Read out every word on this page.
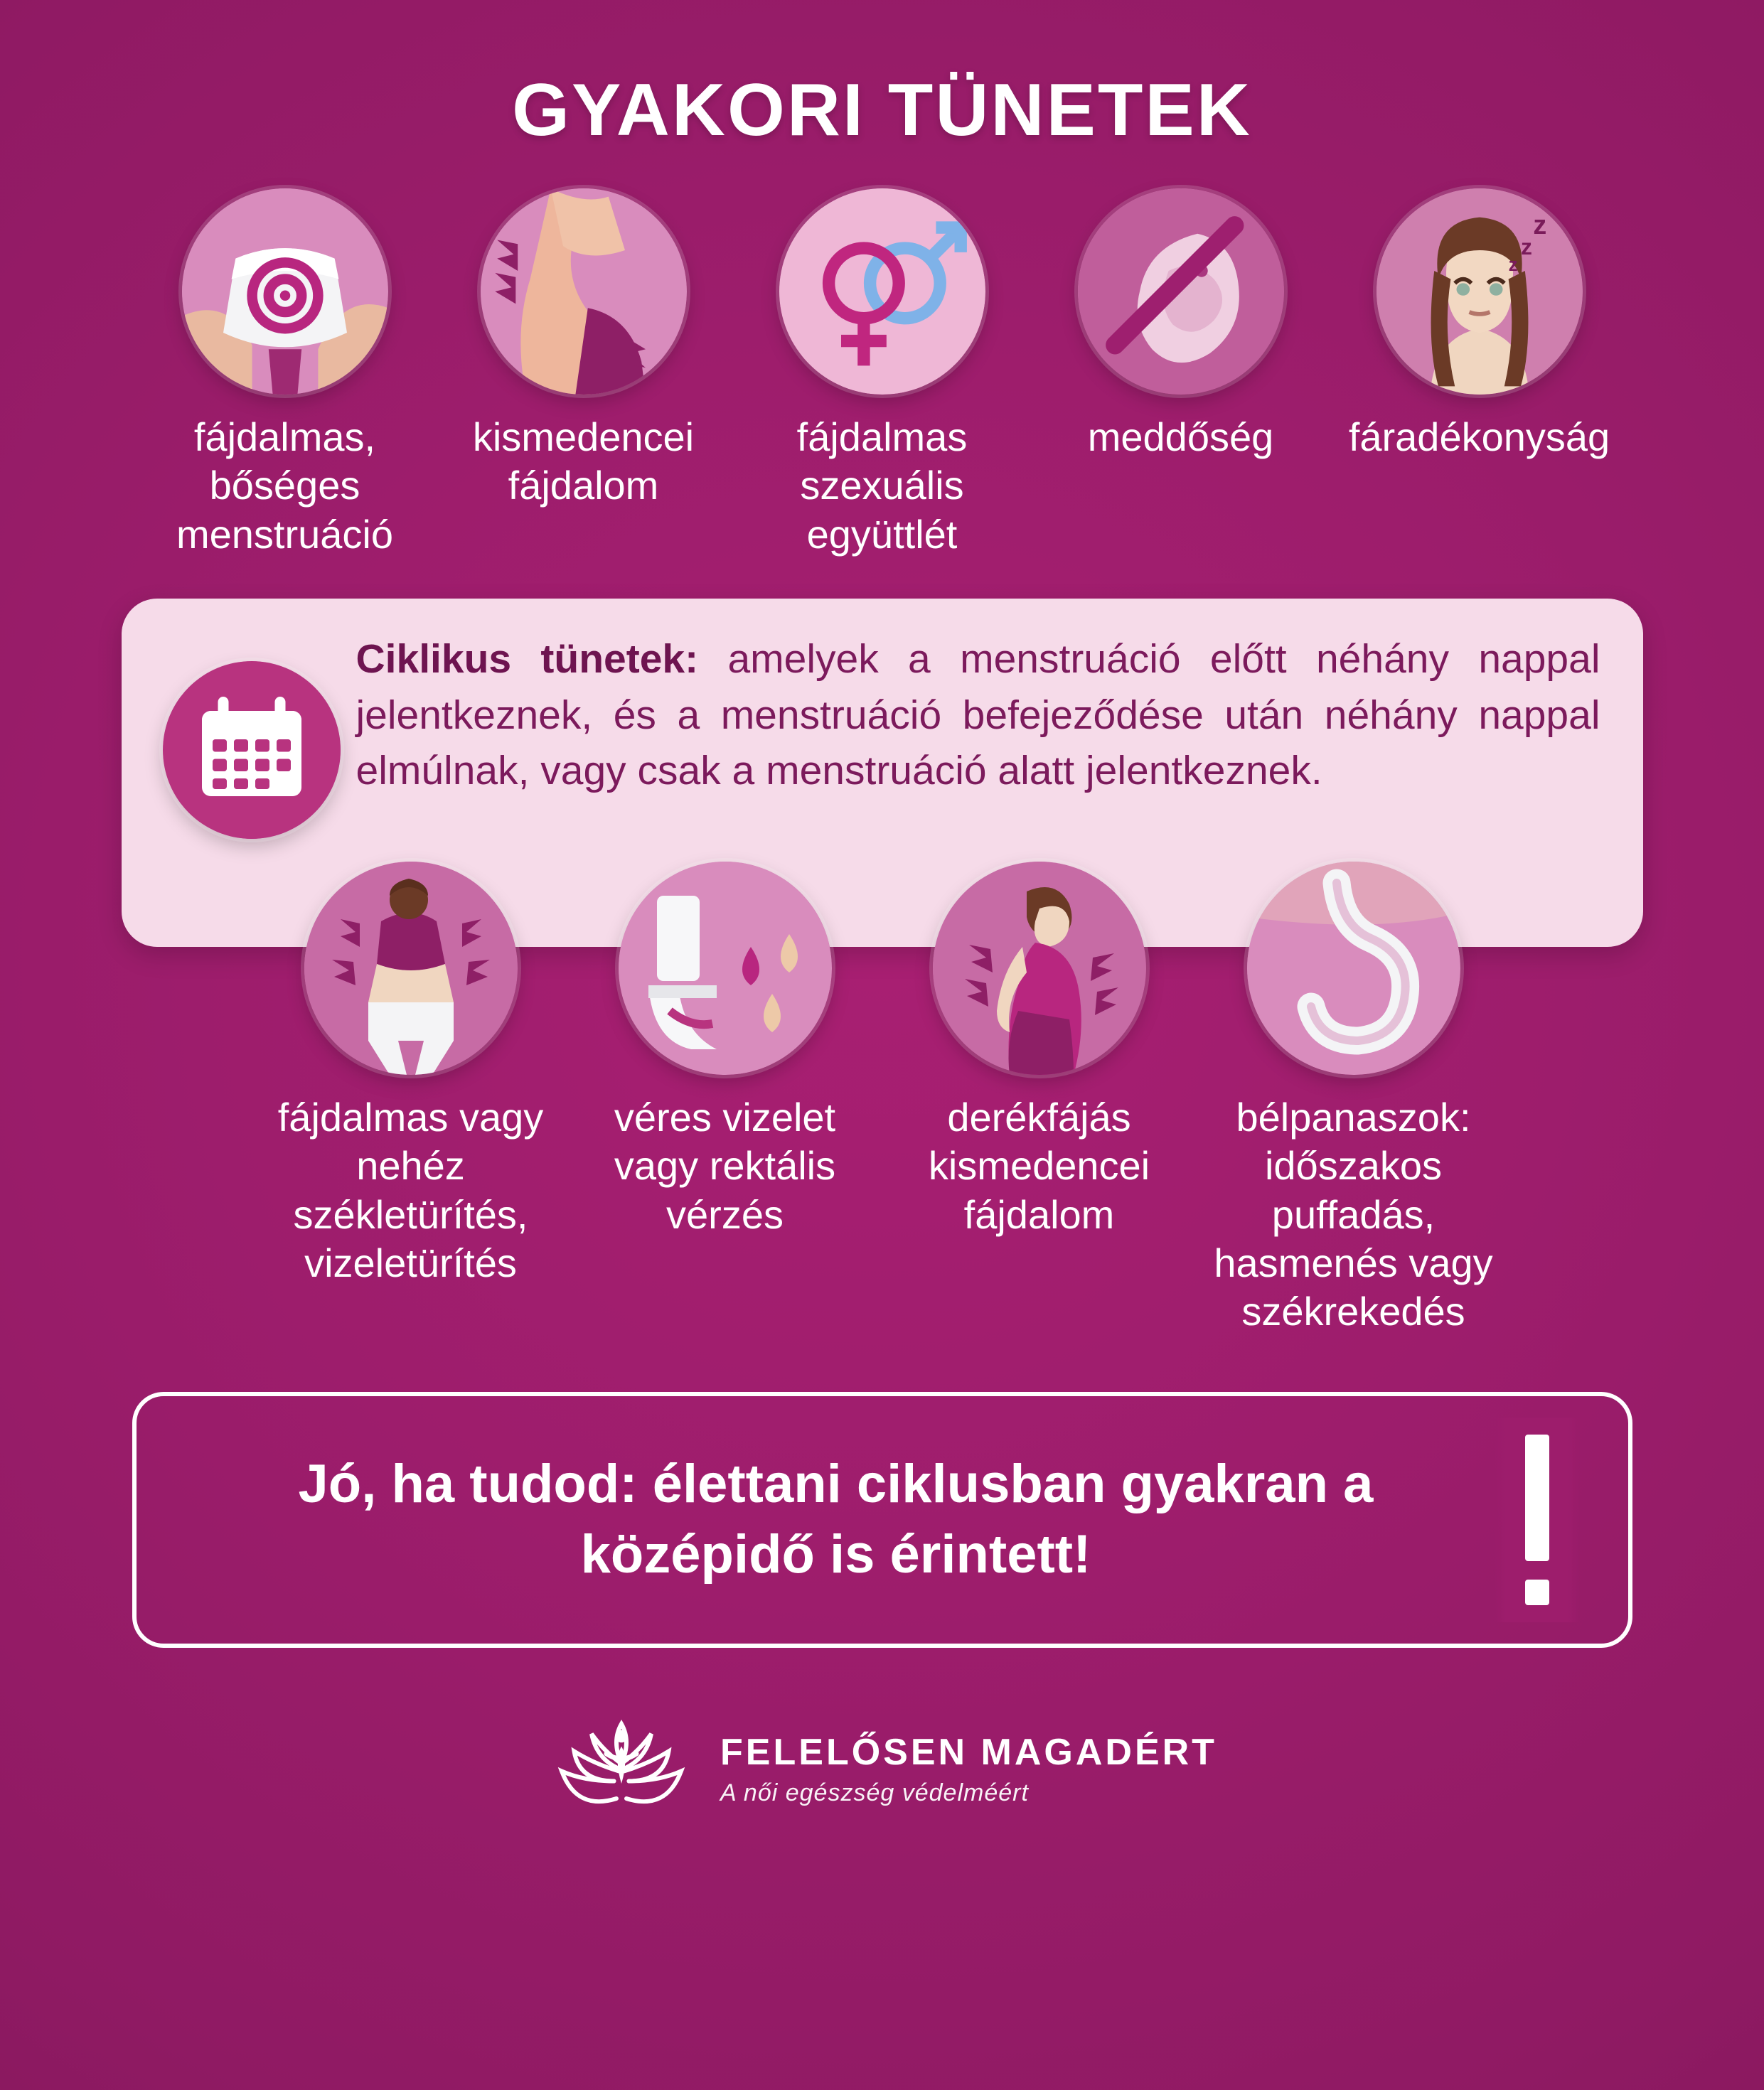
GYAKORI TÜNETEK
fájdalmas, bőséges menstruáció
kismedencei fájdalom
fájdalmas szexuális együttlét
meddőség
z
z
z
fáradékonyság

Ciklikus tünetek: amelyek a menstruáció előtt néhány nappal jelentkeznek, és a menstruáció befejeződése után néhány nappal elmúlnak, vagy csak a menstruáció alatt jelentkeznek.

fájdalmas vagy nehéz székletürítés, vizeletürítés
véres vizelet vagy rektális vérzés
derékfájás kismedencei fájdalom
bélpanaszok: időszakos puffadás, hasmenés vagy székrekedés
Jó, ha tudod: élettani ciklusban gyakran a középidő is érintett!
FELELŐSEN MAGADÉRT
A női egészség védelméért
